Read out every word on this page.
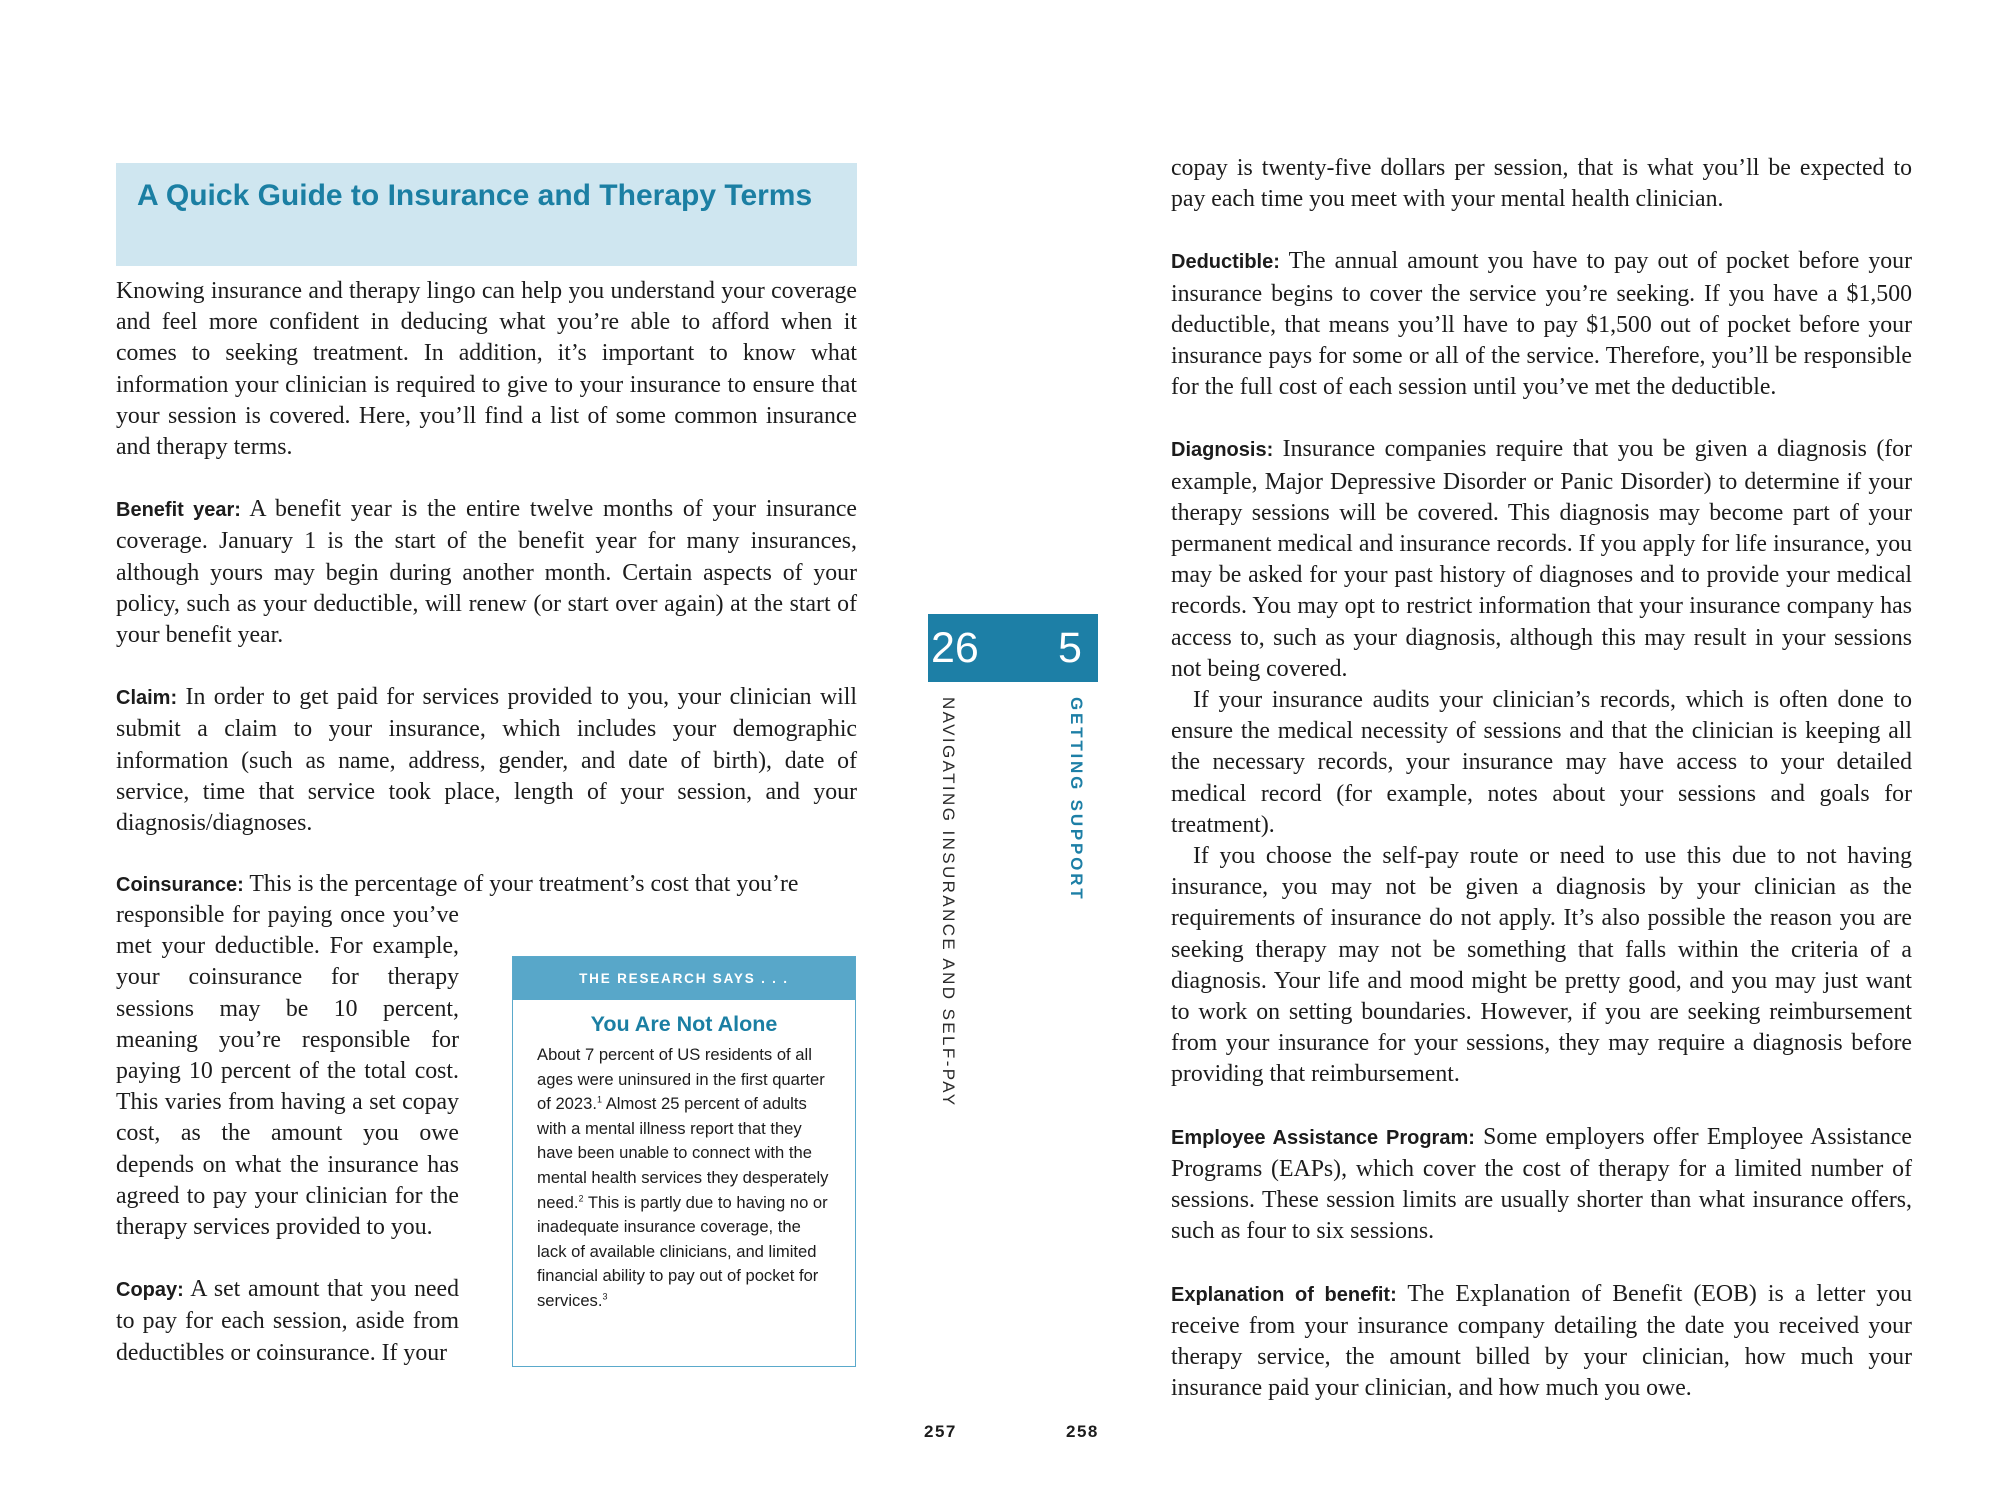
A Quick Guide to Insurance and Therapy Terms

Knowing insurance and therapy lingo can help you understand your coverage and feel more confident in deducing what you’re able to afford when it comes to seeking treatment. In addition, it’s important to know what information your clinician is required to give to your insurance to ensure that your session is covered. Here, you’ll find a list of some common insurance and therapy terms.

Benefit year: A benefit year is the entire twelve months of your insurance coverage. January 1 is the start of the benefit year for many insurances, although yours may begin during another month. Certain aspects of your policy, such as your deductible, will renew (or start over again) at the start of your benefit year.

Claim: In order to get paid for services provided to you, your clinician will submit a claim to your insurance, which includes your demographic information (such as name, address, gender, and date of birth), date of service, time that service took place, length of your session, and your diagnosis/diagnoses.

Coinsurance: This is the percentage of your treatment’s cost that you’re

responsible for paying once you’ve met your deductible. For example, your coinsurance for therapy sessions may be 10 percent, meaning you’re responsible for paying 10 percent of the total cost. This varies from having a set copay cost, as the amount you owe depends on what the insurance has agreed to pay your clinician for the therapy services provided to you.

Copay: A set amount that you need to pay for each session, aside from deductibles or coinsurance. If your

THE RESEARCH SAYS . . .
You Are Not Alone
About 7 percent of US residents of all ages were uninsured in the first quarter of 2023.$^1$ Almost 25 percent of adults with a mental illness report that they have been unable to connect with the mental health services they desperately need.$^2$ This is partly due to having no or inadequate insurance coverage, the lack of available clinicians, and limited financial ability to pay out of pocket for services.$^3$
26 5
NAVIGATING INSURANCE AND SELF-PAY	GETTING SUPPORT
257	258

copay is twenty-five dollars per session, that is what you’ll be expected to pay each time you meet with your mental health clinician.

Deductible: The annual amount you have to pay out of pocket before your insurance begins to cover the service you’re seeking. If you have a $1,500 deductible, that means you’ll have to pay $1,500 out of pocket before your insurance pays for some or all of the service. Therefore, you’ll be responsible for the full cost of each session until you’ve met the deductible.

Diagnosis: Insurance companies require that you be given a diagnosis (for example, Major Depressive Disorder or Panic Disorder) to determine if your therapy sessions will be covered. This diagnosis may become part of your permanent medical and insurance records. If you apply for life insurance, you may be asked for your past history of diagnoses and to provide your medical records. You may opt to restrict information that your insurance company has access to, such as your diagnosis, although this may result in your sessions not being covered.

If your insurance audits your clinician’s records, which is often done to ensure the medical necessity of sessions and that the clinician is keeping all the necessary records, your insurance may have access to your detailed medical record (for example, notes about your sessions and goals for treatment).

If you choose the self-pay route or need to use this due to not having insurance, you may not be given a diagnosis by your clinician as the requirements of insurance do not apply. It’s also possible the reason you are seeking therapy may not be something that falls within the criteria of a diagnosis. Your life and mood might be pretty good, and you may just want to work on setting boundaries. However, if you are seeking reimbursement from your insurance for your sessions, they may require a diagnosis before providing that reimbursement.

Employee Assistance Program: Some employers offer Employee Assistance Programs (EAPs), which cover the cost of therapy for a limited number of sessions. These session limits are usually shorter than what insurance offers, such as four to six sessions.

Explanation of benefit: The Explanation of Benefit (EOB) is a letter you receive from your insurance company detailing the date you received your therapy service, the amount billed by your clinician, how much your insurance paid your clinician, and how much you owe.
